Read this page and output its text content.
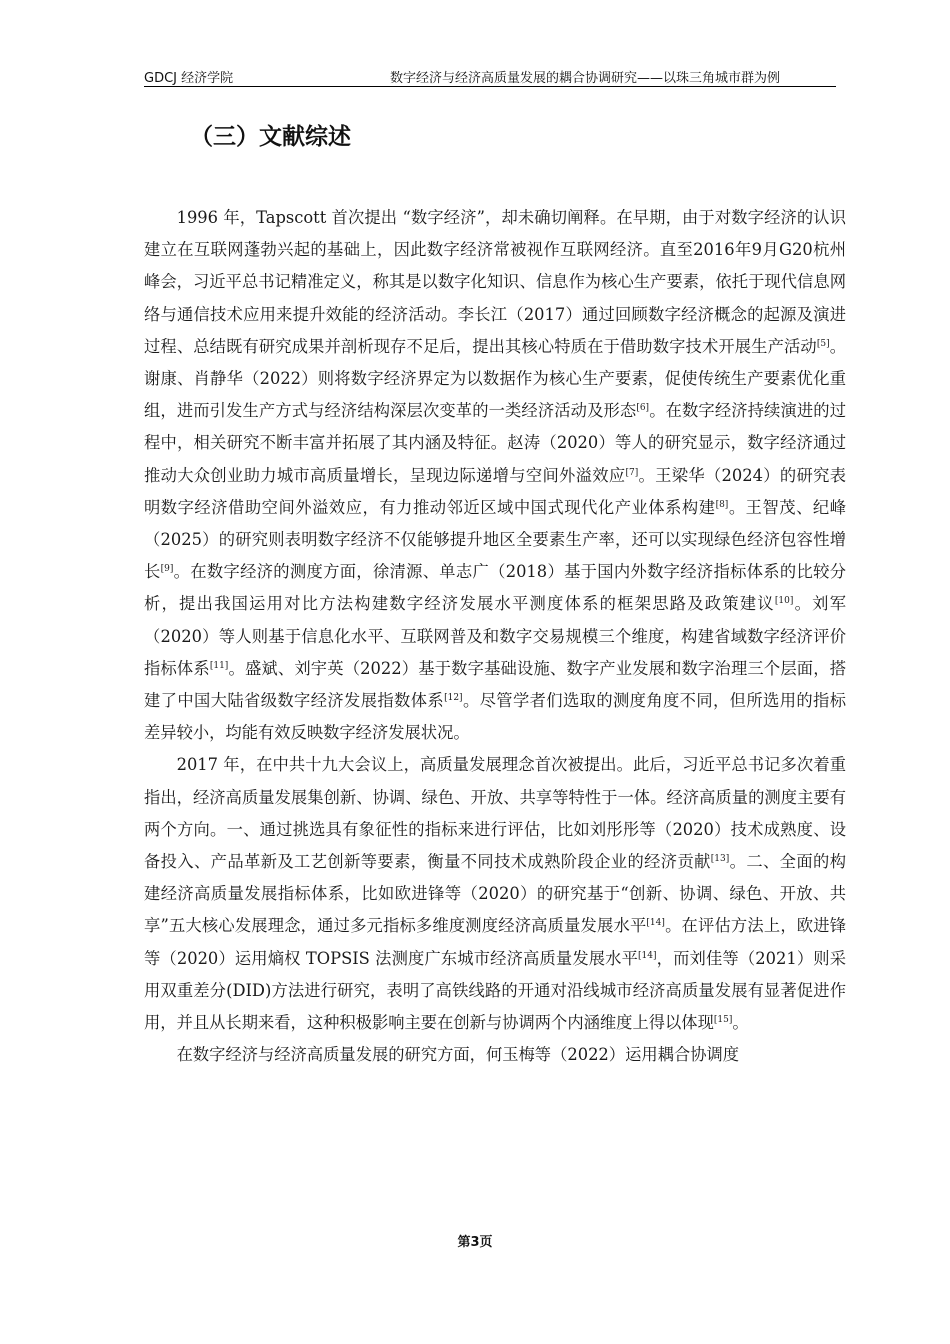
GDCJ 经济学院	数字经济与经济高质量发展的耦合协调研究——以珠三角城市群为例
（三）文献综述

1996 年，Tapscott 首次提出 “数字经济”，却未确切阐释。在早期，由于对数字经济的认识建立在互联网蓬勃兴起的基础上，因此数字经济常被视作互联网经济。直至2016年9月G20杭州峰会，习近平总书记精准定义，称其是以数字化知识、信息作为核心生产要素，依托于现代信息网络与通信技术应用来提升效能的经济活动。李长江（2017）通过回顾数字经济概念的起源及演进过程、总结既有研究成果并剖析现存不足后，提出其核心特质在于借助数字技术开展生产活动[5]。谢康、肖静华（2022）则将数字经济界定为以数据作为核心生产要素，促使传统生产要素优化重组，进而引发生产方式与经济结构深层次变革的一类经济活动及形态[6]。在数字经济持续演进的过程中，相关研究不断丰富并拓展了其内涵及特征。赵涛（2020）等人的研究显示，数字经济通过推动大众创业助力城市高质量增长，呈现边际递增与空间外溢效应[7]。王梁华（2024）的研究表明数字经济借助空间外溢效应，有力推动邻近区域中国式现代化产业体系构建[8]。王智茂、纪峰（2025）的研究则表明数字经济不仅能够提升地区全要素生产率，还可以实现绿色经济包容性增长[9]。在数字经济的测度方面，徐清源、单志广（2018）基于国内外数字经济指标体系的比较分析，提出我国运用对比方法构建数字经济发展水平测度体系的框架思路及政策建议[10]。刘军（2020）等人则基于信息化水平、互联网普及和数字交易规模三个维度，构建省域数字经济评价指标体系[11]。盛斌、刘宇英（2022）基于数字基础设施、数字产业发展和数字治理三个层面，搭建了中国大陆省级数字经济发展指数体系[12]。尽管学者们选取的测度角度不同，但所选用的指标差异较小，均能有效反映数字经济发展状况。

2017 年，在中共十九大会议上，高质量发展理念首次被提出。此后，习近平总书记多次着重指出，经济高质量发展集创新、协调、绿色、开放、共享等特性于一体。经济高质量的测度主要有两个方向。一、通过挑选具有象征性的指标来进行评估，比如刘彤彤等（2020）技术成熟度、设备投入、产品革新及工艺创新等要素，衡量不同技术成熟阶段企业的经济贡献[13]。二、全面的构建经济高质量发展指标体系，比如欧进锋等（2020）的研究基于“创新、协调、绿色、开放、共享”五大核心发展理念，通过多元指标多维度测度经济高质量发展水平[14]。在评估方法上，欧进锋等（2020）运用熵权 TOPSIS 法测度广东城市经济高质量发展水平[14]，而刘佳等（2021）则采用双重差分(DID)方法进行研究，表明了高铁线路的开通对沿线城市经济高质量发展有显著促进作用，并且从长期来看，这种积极影响主要在创新与协调两个内涵维度上得以体现[15]。

在数字经济与经济高质量发展的研究方面，何玉梅等（2022）运用耦合协调度

第3页
